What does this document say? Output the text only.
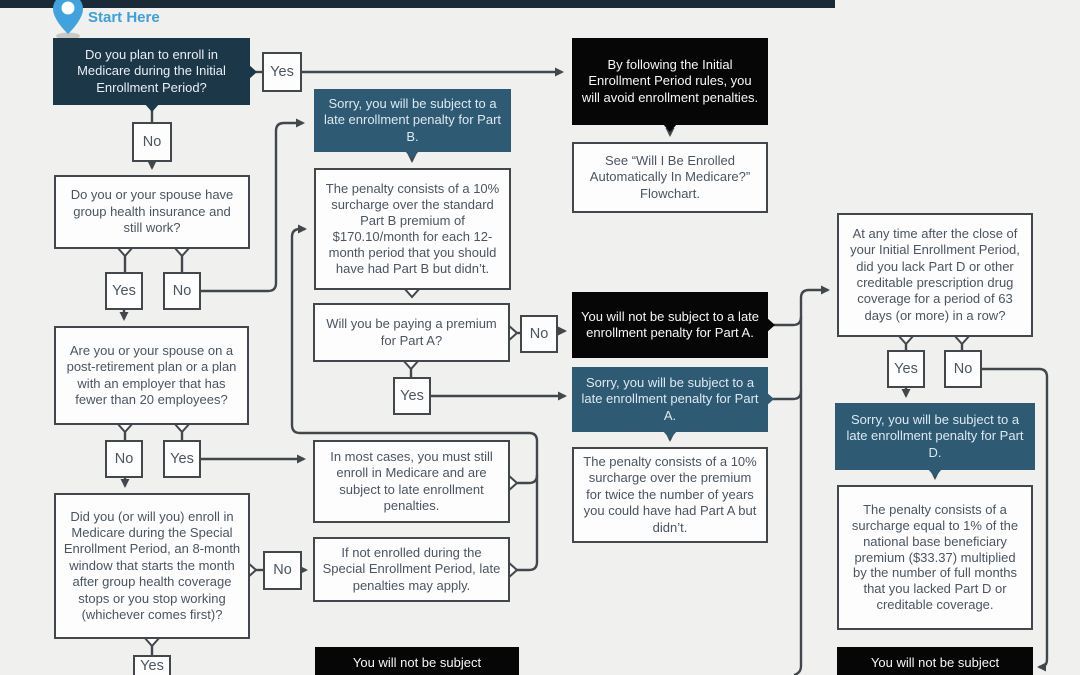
Start Here
Do you plan to enroll in Medicare during the Initial Enrollment Period?
Yes
No
Do you or your spouse have group health insurance and still work?
Yes	No
Are you or your spouse on a post-retirement plan or a plan with an employer that has fewer than 20 employees?
No	Yes
Did you (or will you) enroll in Medicare during the Special Enrollment Period, an 8-month window that starts the month after group health coverage stops or you stop working (whichever comes first)?
No
Yes
Sorry, you will be subject to a late enrollment penalty for Part B.
The penalty consists of a 10% surcharge over the standard Part B premium of $170.10/month for each 12-month period that you should have had Part B but didn’t.
Will you be paying a premium for Part A?	No
Yes
In most cases, you must still enroll in Medicare and are subject to late enrollment penalties.
If not enrolled during the Special Enrollment Period, late penalties may apply.
You will not be subject
By following the Initial Enrollment Period rules, you will avoid enrollment penalties.
See “Will I Be Enrolled Automatically In Medicare?” Flowchart.
You will not be subject to a late enrollment penalty for Part A.
Sorry, you will be subject to a late enrollment penalty for Part A.
The penalty consists of a 10% surcharge over the premium for twice the number of years you could have had Part A but didn’t.
At any time after the close of your Initial Enrollment Period, did you lack Part D or other creditable prescription drug coverage for a period of 63 days (or more) in a row?
Yes	No
Sorry, you will be subject to a late enrollment penalty for Part D.
The penalty consists of a surcharge equal to 1% of the national base beneficiary premium ($33.37) multiplied by the number of full months that you lacked Part D or creditable coverage.
You will not be subject
